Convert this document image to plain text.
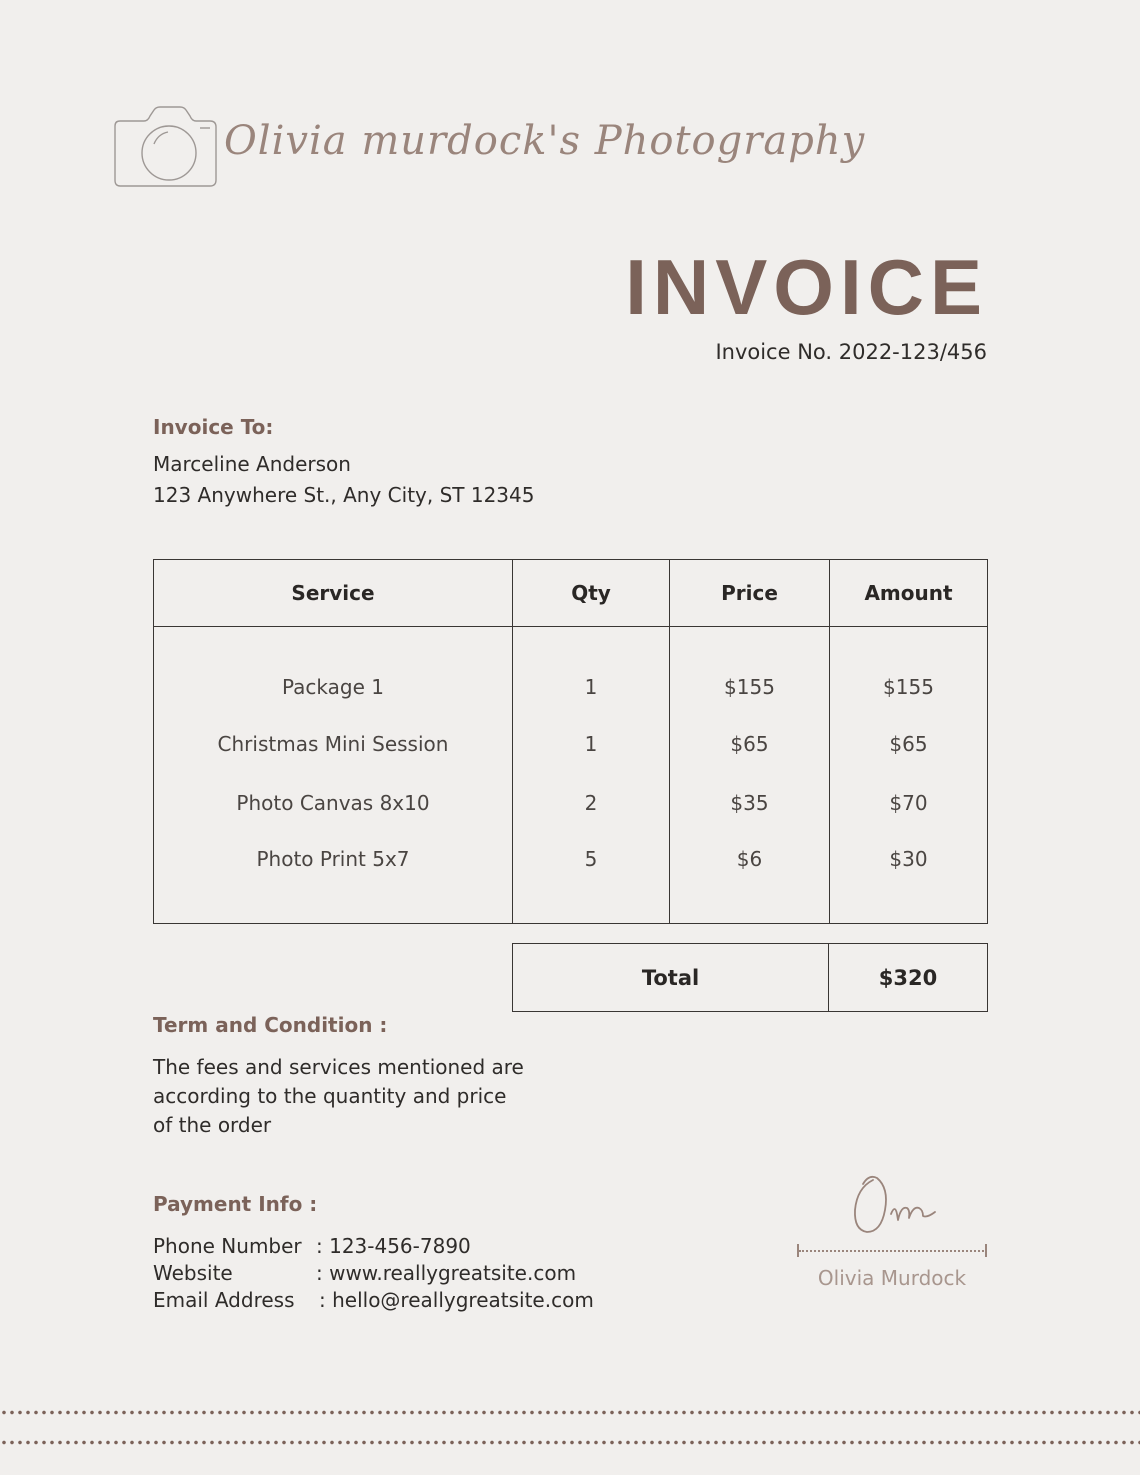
Olivia murdock's Photography
INVOICE
Invoice No. 2022-123/456
Invoice To:
Marceline Anderson
123 Anywhere St., Any City, ST 12345
Service	Qty	Price	Amount
Package 1	1	$155	$155
Christmas Mini Session	1	$65	$65
Photo Canvas 8x10	2	$35	$70
Photo Print 5x7	5	$6	$30
Total	$320
Term and Condition :
The fees and services mentioned are
according to the quantity and price
of the order
Payment Info :
Phone Number : 123-456-7890
Website	: www.reallygreatsite.com
Email Address : hello@reallygreatsite.com
Olivia Murdock
